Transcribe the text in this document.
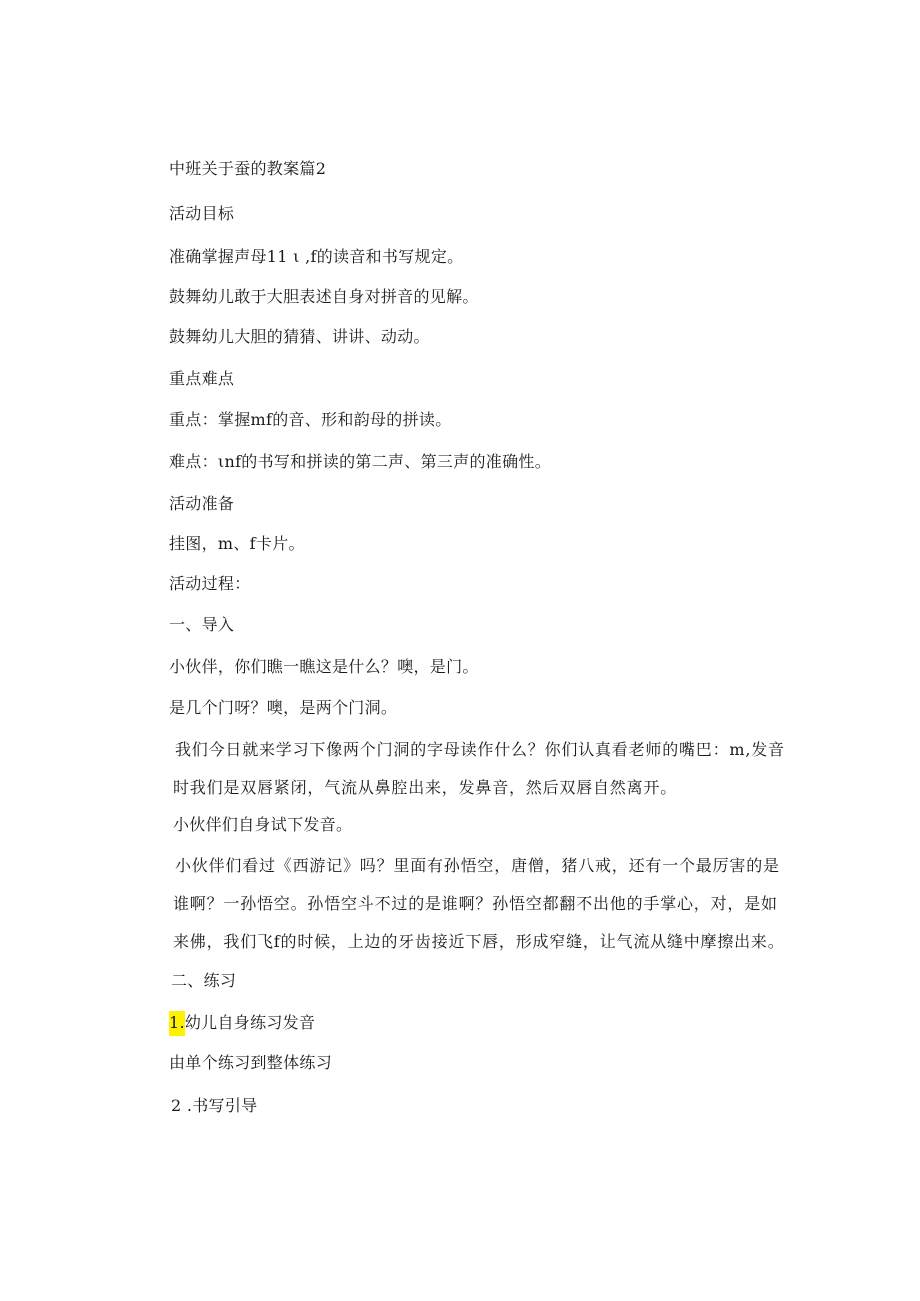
中班关于蚕的教案篇2
活动目标
准确掌握声母11 ι ,f的读音和书写规定。
鼓舞幼儿敢于大胆表述自身对拼音的见解。
鼓舞幼儿大胆的猜猜、讲讲、动动。
重点难点
重点：掌握mf的音、形和韵母的拼读。
难点：ιnf的书写和拼读的第二声、第三声的准确性。
活动准备
挂图，m、f卡片。
活动过程：
一、导入
小伙伴，你们瞧一瞧这是什么？噢，是门。
是几个门呀？噢，是两个门洞。
我们今日就来学习下像两个门洞的字母读作什么？你们认真看老师的嘴巴：m,发音时我们是双唇紧闭，气流从鼻腔出来，发鼻音，然后双唇自然离开。
小伙伴们自身试下发音。
小伙伴们看过《西游记》吗？里面有孙悟空，唐僧，猪八戒，还有一个最厉害的是谁啊？一孙悟空。孙悟空斗不过的是谁啊？孙悟空都翻不出他的手掌心，对，是如来佛，我们飞f的时候，上边的牙齿接近下唇，形成窄缝，让气流从缝中摩擦出来。
二、练习
1.幼儿自身练习发音
由单个练习到整体练习
2 .书写引导
